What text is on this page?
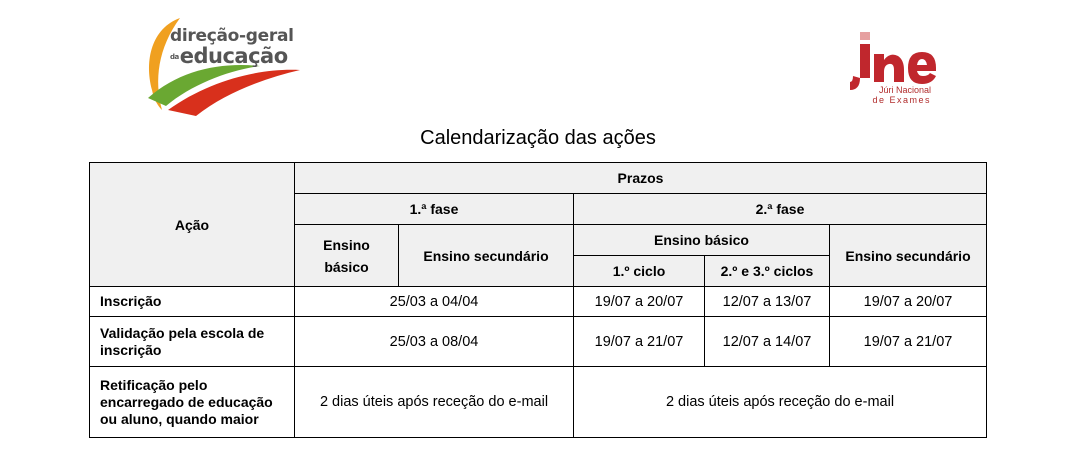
direção-geral
daeducação
Júri Nacional
de Exames
Calendarização das ações
Ação	Prazos				
	1.ª fase		2.ª fase		
	Ensino básico	Ensino secundário	Ensino básico		Ensino secundário
			1.º ciclo	2.º e 3.º ciclos	
Inscrição	25/03 a 04/04		19/07 a 20/07	12/07 a 13/07	19/07 a 20/07
Validação pela escola de inscrição	25/03 a 08/04		19/07 a 21/07	12/07 a 14/07	19/07 a 21/07
Retificação pelo encarregado de educação ou aluno, quando maior	2 dias úteis após receção do e-mail		2 dias úteis após receção do e-mail		
